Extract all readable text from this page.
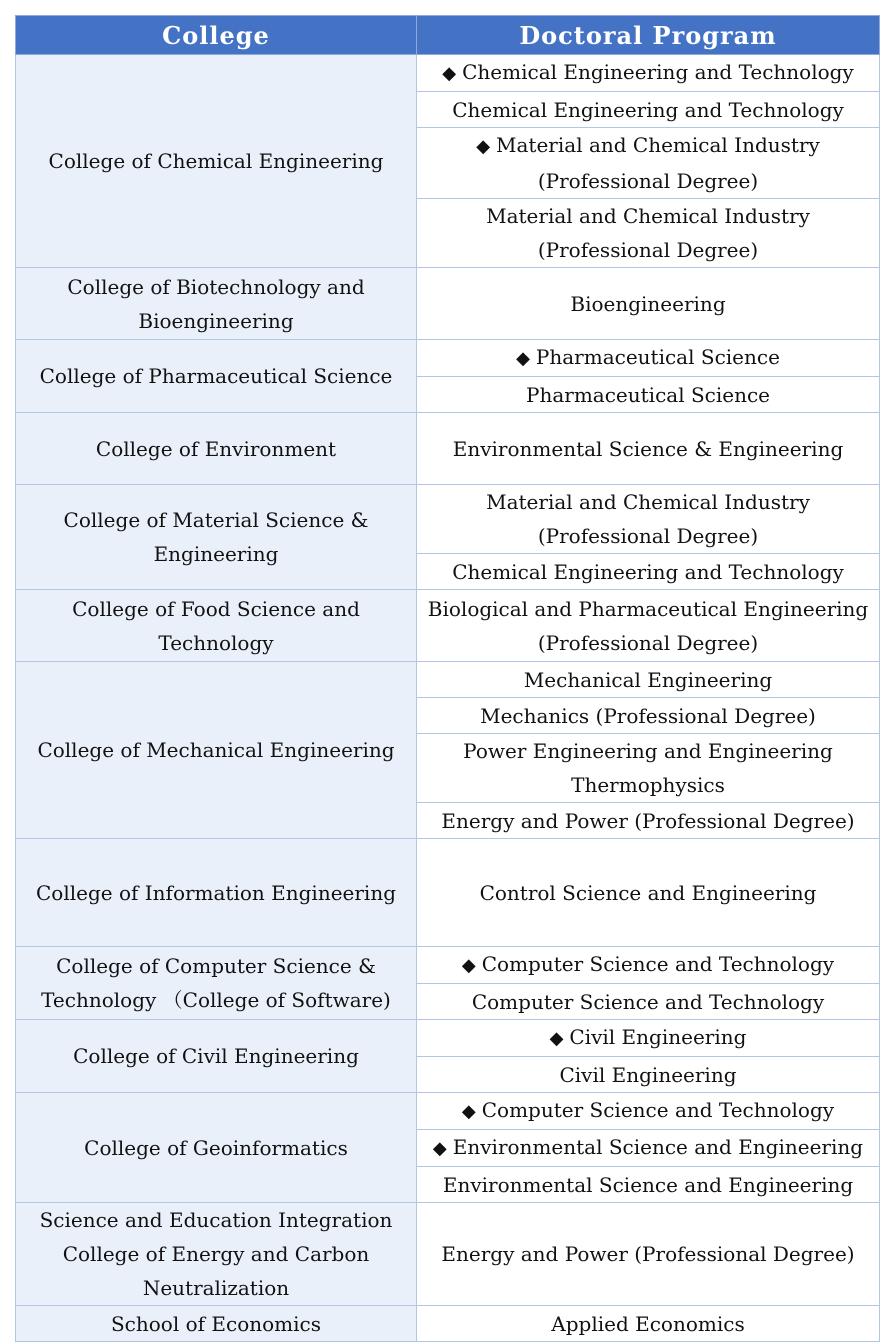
College	Doctoral Program
College of Chemical Engineering	◆ Chemical Engineering and Technology
	Chemical Engineering and Technology
	◆ Material and Chemical Industry
(Professional Degree)
	Material and Chemical Industry
(Professional Degree)
College of Biotechnology and Bioengineering	Bioengineering
College of Pharmaceutical Science	◆ Pharmaceutical Science
	Pharmaceutical Science
College of Environment	Environmental Science & Engineering
College of Material Science & Engineering	Material and Chemical Industry
(Professional Degree)
	Chemical Engineering and Technology
College of Food Science and Technology	Biological and Pharmaceutical Engineering
(Professional Degree)
College of Mechanical Engineering	Mechanical Engineering
	Mechanics (Professional Degree)
	Power Engineering and Engineering
Thermophysics
	Energy and Power (Professional Degree)
College of Information Engineering	Control Science and Engineering
College of Computer Science & Technology （College of Software)	◆ Computer Science and Technology
	Computer Science and Technology
College of Civil Engineering	◆ Civil Engineering
	Civil Engineering
College of Geoinformatics	◆ Computer Science and Technology
	◆ Environmental Science and Engineering
	Environmental Science and Engineering
Science and Education Integration College of Energy and Carbon Neutralization	Energy and Power (Professional Degree)
School of Economics	Applied Economics
